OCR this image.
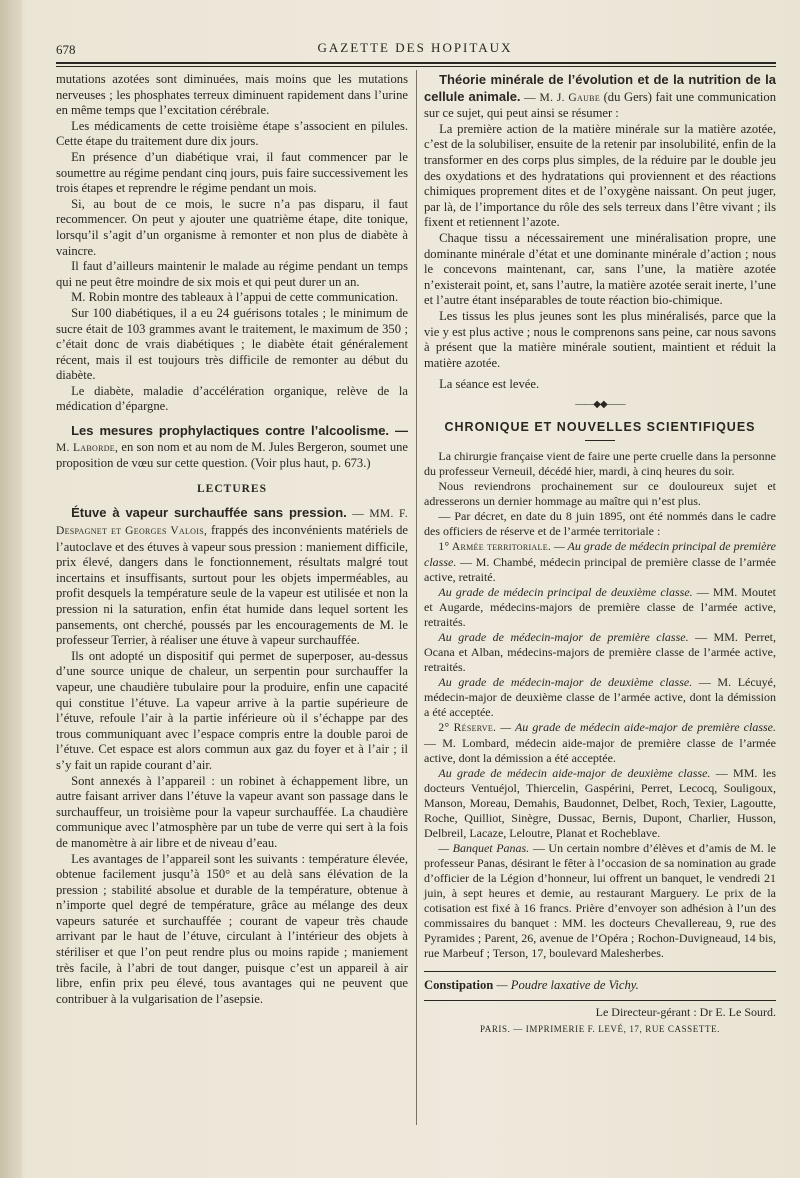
678	GAZETTE DES HOPITAUX

mutations azotées sont diminuées, mais moins que les mutations nerveuses ; les phosphates terreux diminuent rapidement dans l’urine en même temps que l’excitation cérébrale.

Les médicaments de cette troisième étape s’associent en pilules. Cette étape du traitement dure dix jours.

En présence d’un diabétique vrai, il faut commencer par le soumettre au régime pendant cinq jours, puis faire successivement les trois étapes et reprendre le régime pendant un mois.

Si, au bout de ce mois, le sucre n’a pas disparu, il faut recommencer. On peut y ajouter une quatrième étape, dite tonique, lorsqu’il s’agit d’un organisme à remonter et non plus de diabète à vaincre.

Il faut d’ailleurs maintenir le malade au régime pendant un temps qui ne peut être moindre de six mois et qui peut durer un an.

M. Robin montre des tableaux à l’appui de cette communication.

Sur 100 diabétiques, il a eu 24 guérisons totales ; le minimum de sucre était de 103 grammes avant le traitement, le maximum de 350 ; c’était donc de vrais diabétiques ; le diabète était généralement récent, mais il est toujours très difficile de remonter au début du diabète.

Le diabète, maladie d’accélération organique, relève de la médication d’épargne.

Les mesures prophylactiques contre l’alcoolisme. — M. Laborde, en son nom et au nom de M. Jules Bergeron, soumet une proposition de vœu sur cette question. (Voir plus haut, p. 673.)

LECTURES

Étuve à vapeur surchauffée sans pression. — MM. F. Despagnet et Georges Valois, frappés des inconvénients matériels de l’autoclave et des étuves à vapeur sous pression : maniement difficile, prix élevé, dangers dans le fonctionnement, résultats malgré tout incertains et insuffisants, surtout pour les objets imperméables, au profit desquels la température seule de la vapeur est utilisée et non la pression ni la saturation, enfin état humide dans lequel sortent les pansements, ont cherché, poussés par les encouragements de M. le professeur Terrier, à réaliser une étuve à vapeur surchauffée.

Ils ont adopté un dispositif qui permet de superposer, au-dessus d’une source unique de chaleur, un serpentin pour surchauffer la vapeur, une chaudière tubulaire pour la produire, enfin une capacité qui constitue l’étuve. La vapeur arrive à la partie supérieure de l’étuve, refoule l’air à la partie inférieure où il s’échappe par des trous communiquant avec l’espace compris entre la double paroi de l’étuve. Cet espace est alors commun aux gaz du foyer et à l’air ; il s’y fait un rapide courant d’air.

Sont annexés à l’appareil : un robinet à échappement libre, un autre faisant arriver dans l’étuve la vapeur avant son passage dans le surchauffeur, un troisième pour la vapeur surchauffée. La chaudière communique avec l’atmosphère par un tube de verre qui sert à la fois de manomètre à air libre et de niveau d’eau.

Les avantages de l’appareil sont les suivants : température élevée, obtenue facilement jusqu’à 150° et au delà sans élévation de la pression ; stabilité absolue et durable de la température, obtenue à n’importe quel degré de température, grâce au mélange des deux vapeurs saturée et surchauffée ; courant de vapeur très chaude arrivant par le haut de l’étuve, circulant à l’intérieur des objets à stériliser et que l’on peut rendre plus ou moins rapide ; maniement très facile, à l’abri de tout danger, puisque c’est un appareil à air libre, enfin prix peu élevé, tous avantages qui ne peuvent que contribuer à la vulgarisation de l’asepsie.

Théorie minérale de l’évolution et de la nutrition de la cellule animale. — M. J. Gaube (du Gers) fait une communication sur ce sujet, qui peut ainsi se résumer :

La première action de la matière minérale sur la matière azotée, c’est de la solubiliser, ensuite de la retenir par insolubilité, enfin de la transformer en des corps plus simples, de la réduire par le double jeu des oxydations et des hydratations qui proviennent et des réactions chimiques proprement dites et de l’oxygène naissant. On peut juger, par là, de l’importance du rôle des sels terreux dans l’être vivant ; ils fixent et retiennent l’azote.

Chaque tissu a nécessairement une minéralisation propre, une dominante minérale d’état et une dominante minérale d’action ; nous le concevons maintenant, car, sans l’une, la matière azotée n’existerait point, et, sans l’autre, la matière azotée serait inerte, l’une et l’autre étant inséparables de toute réaction bio-chimique.

Les tissus les plus jeunes sont les plus minéralisés, parce que la vie y est plus active ; nous le comprenons sans peine, car nous savons à présent que la matière minérale soutient, maintient et réduit la matière azotée.

La séance est levée.

——◆◆——
CHRONIQUE ET NOUVELLES SCIENTIFIQUES

La chirurgie française vient de faire une perte cruelle dans la personne du professeur Verneuil, décédé hier, mardi, à cinq heures du soir.

Nous reviendrons prochainement sur ce douloureux sujet et adresserons un dernier hommage au maître qui n’est plus.

— Par décret, en date du 8 juin 1895, ont été nommés dans le cadre des officiers de réserve et de l’armée territoriale :

1° Armée territoriale. — Au grade de médecin principal de première classe. — M. Chambé, médecin principal de première classe de l’armée active, retraité.

Au grade de médecin principal de deuxième classe. — MM. Moutet et Augarde, médecins-majors de première classe de l’armée active, retraités.

Au grade de médecin-major de première classe. — MM. Perret, Ocana et Alban, médecins-majors de première classe de l’armée active, retraités.

Au grade de médecin-major de deuxième classe. — M. Lécuyé, médecin-major de deuxième classe de l’armée active, dont la démission a été acceptée.

2° Réserve. — Au grade de médecin aide-major de première classe. — M. Lombard, médecin aide-major de première classe de l’armée active, dont la démission a été acceptée.

Au grade de médecin aide-major de deuxième classe. — MM. les docteurs Ventuéjol, Thiercelin, Gaspérini, Perret, Lecocq, Souligoux, Manson, Moreau, Demahis, Baudonnet, Delbet, Roch, Texier, Lagoutte, Roche, Quilliot, Sinègre, Dussac, Bernis, Dupont, Charlier, Husson, Delbreil, Lacaze, Leloutre, Planat et Rocheblave.

— Banquet Panas. — Un certain nombre d’élèves et d’amis de M. le professeur Panas, désirant le fêter à l’occasion de sa nomination au grade d’officier de la Légion d’honneur, lui offrent un banquet, le vendredi 21 juin, à sept heures et demie, au restaurant Marguery. Le prix de la cotisation est fixé à 16 francs. Prière d’envoyer son adhésion à l’un des commissaires du banquet : MM. les docteurs Chevallereau, 9, rue des Pyramides ; Parent, 26, avenue de l’Opéra ; Rochon-Duvigneaud, 14 bis, rue Marbeuf ; Terson, 17, boulevard Malesherbes.

Constipation — Poudre laxative de Vichy.

Le Directeur-gérant : Dr E. Le Sourd.
PARIS. — IMPRIMERIE F. LEVÉ, 17, RUE CASSETTE.
